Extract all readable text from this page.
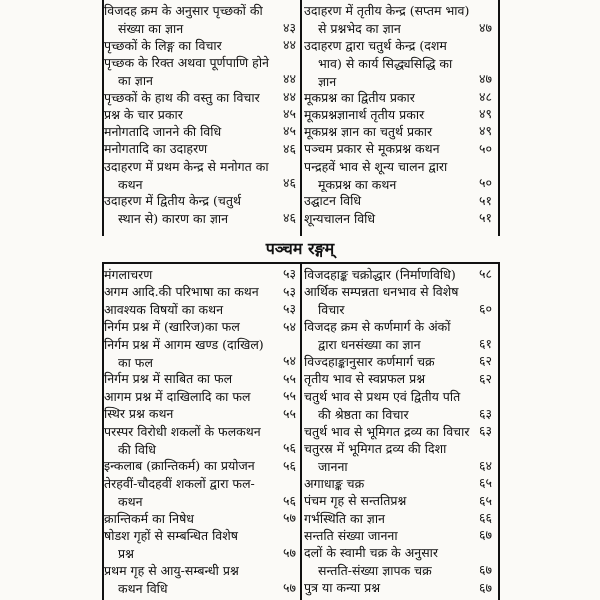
विजदह क्रम के अनुसार पृच्छकों की
संख्या का ज्ञान	४३
पृच्छकों के लिङ्ग का विचार	४४
पृच्छक के रिक्त अथवा पूर्णपाणि होने
का ज्ञान	४४
पृच्छकों के हाथ की वस्तु का विचार	४४
प्रश्न के चार प्रकार	४५
मनोगतादि जानने की विधि	४५
मनोगतादि का उदाहरण	४६
उदाहरण में प्रथम केन्द्र से मनोगत का
कथन	४६
उदाहरण में द्वितीय केन्द्र (चतुर्थ
स्थान से) कारण का ज्ञान	४६
उदाहरण में तृतीय केन्द्र (सप्तम भाव)
से प्रश्नभेद का ज्ञान	४७
उदाहरण द्वारा चतुर्थ केन्द्र (दशम
भाव) से कार्य सिद्ध्यसिद्धि का
ज्ञान	४७
मूकप्रश्न का द्वितीय प्रकार	४८
मूकप्रश्नज्ञानार्थ तृतीय प्रकार	४९
मूकप्रश्न ज्ञान का चतुर्थ प्रकार	४९
पञ्चम प्रकार से मूकप्रश्न कथन	५०
पन्द्रहवें भाव से शून्य चालन द्वारा
मूकप्रश्न का कथन	५०
उद्घाटन विधि	५१
शून्यचालन विधि	५१
पञ्चम रङ्गम्
मंगलाचरण	५३
अगम आदि.की परिभाषा का कथन	५३
आवश्यक विषयों का कथन	५३
निर्गम प्रश्न में (खारिज)का फल	५४
निर्गम प्रश्न में आगम खण्ड (दाखिल)
का फल	५४
निर्गम प्रश्न में साबित का फल	५५
आगम प्रश्न में दाखिलादि का फल	५५
स्थिर प्रश्न कथन	५५
परस्पर विरोधी शकलों के फलकथन
की विधि	५६
इन्कलाब (क्रान्तिकर्म) का प्रयोजन	५६
तेरहवीं-चौदहवीं शकलों द्वारा फल-
कथन	५६
क्रान्तिकर्म का निषेध	५७
षोडश गृहों से सम्बन्धित विशेष
प्रश्न	५७
प्रथम गृह से आयु-सम्बन्धी प्रश्न
कथन विधि	५७
विजदहाङ्क चक्रोद्धार (निर्माणविधि)	५८
आर्थिक सम्पन्नता धनभाव से विशेष
विचार	६०
विजदह क्रम से कर्णमार्ग के अंकों
द्वारा धनसंख्या का ज्ञान	६१
विज्दहाङ्कानुसार कर्णमार्ग चक्र	६२
तृतीय भाव से स्वप्नफल प्रश्न	६२
चतुर्थ भाव से प्रथम एवं द्वितीय पति
की श्रेष्ठता का विचार	६३
चतुर्थ भाव से भूमिगत द्रव्य का विचार ६३
चतुरस्र में भूमिगत द्रव्य की दिशा
जानना	६४
अगाधाङ्क चक्र	६५
पंचम गृह से सन्ततिप्रश्न	६५
गर्भस्थिति का ज्ञान	६६
सन्तति संख्या जानना	६७
दलों के स्वामी चक्र के अनुसार
सन्तति-संख्या ज्ञापक चक्र	६७
पुत्र या कन्या प्रश्न	६७
